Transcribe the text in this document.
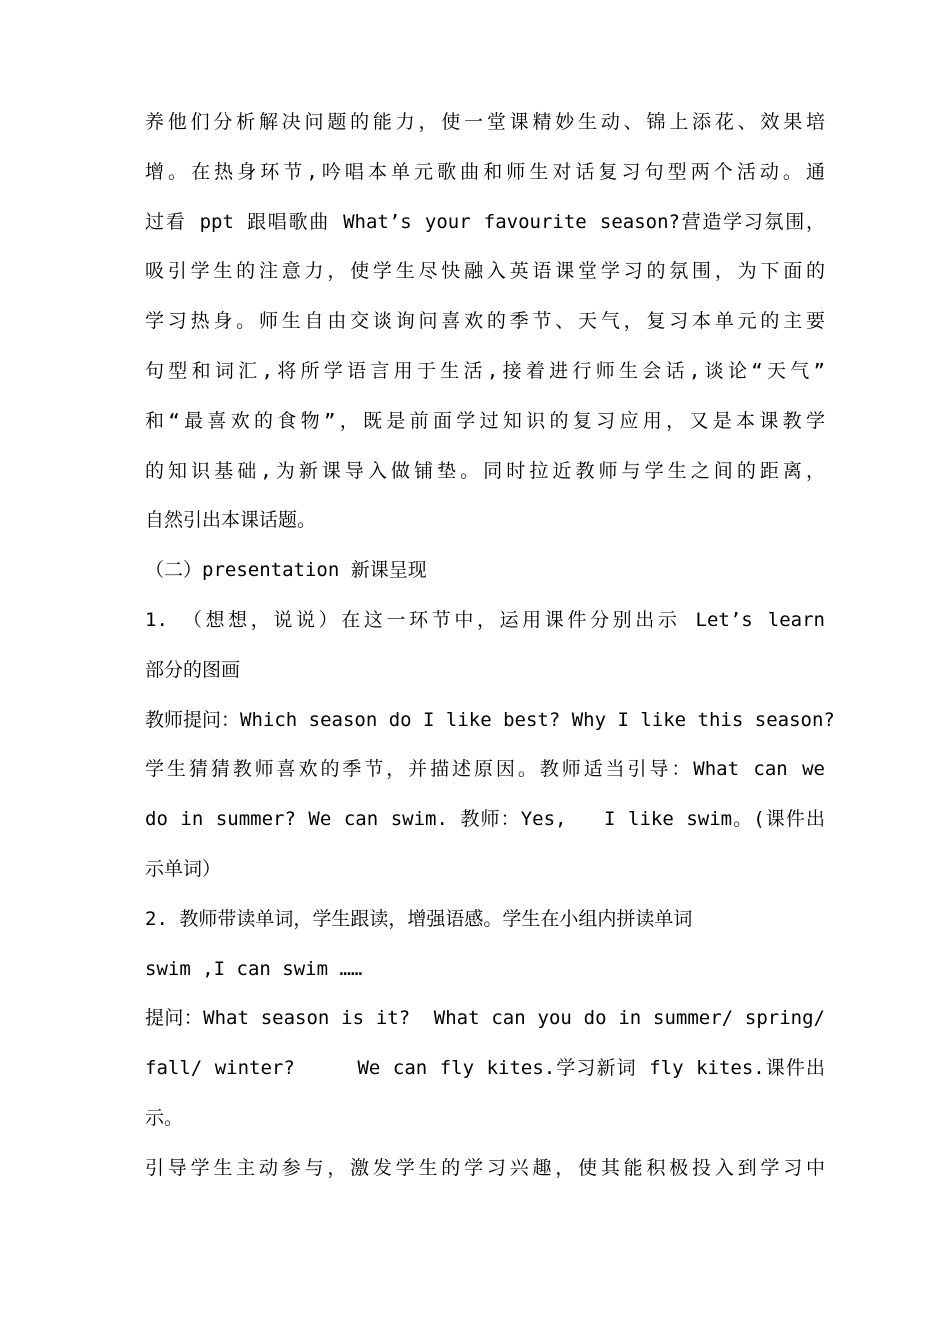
养他们分析解决问题的能力，使一堂课精妙生动、锦上添花、效果培
增。在热身环节,吟唱本单元歌曲和师生对话复习句型两个活动。通
过看 ppt 跟唱歌曲 What’s your favourite season?营造学习氛围，
吸引学生的注意力，使学生尽快融入英语课堂学习的氛围，为下面的
学习热身。师生自由交谈询问喜欢的季节、天气，复习本单元的主要
句型和词汇,将所学语言用于生活,接着进行师生会话,谈论“天气”
和“最喜欢的食物”，既是前面学过知识的复习应用，又是本课教学
的知识基础,为新课导入做铺垫。同时拉近教师与学生之间的距离，
自然引出本课话题。
（二）presentation 新课呈现
1. （想想，说说）在这一环节中，运用课件分别出示 Let’s learn
部分的图画
教师提问：Which season do I like best? Why I like this season?
学生猜猜教师喜欢的季节，并描述原因。教师适当引导：What can we
do in summer? We can swim. 教师：Yes,   I like swim。(课件出
示单词）
2. 教师带读单词，学生跟读，增强语感。学生在小组内拼读单词
swim ,I can swim ……
提问：What season is it?  What can you do in summer/ spring/
fall/ winter?     We can fly kites.学习新词 fly kites.课件出
示。
引导学生主动参与，激发学生的学习兴趣，使其能积极投入到学习中
